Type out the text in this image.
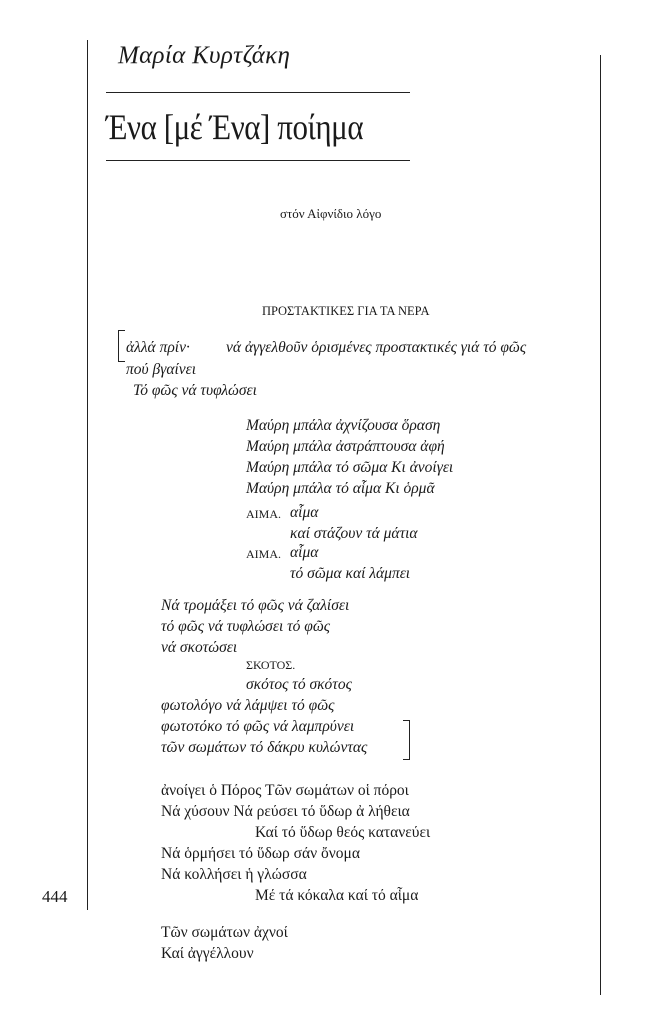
Μαρία Κυρτζάκη
Ένα [μέ Ένα] ποίημα
στόν Αἰφνίδιο λόγο
ΠΡΟΣΤΑΚΤΙΚΕΣ ΓΙΑ ΤΑ ΝΕΡΑ
ἀλλά πρίν· νά ἀγγελθοῦν ὁρισμένες προστακτικές γιά τό φῶς
πού βγαίνει
Τό φῶς νά τυφλώσει
Μαύρη μπάλα ἀχνίζουσα ὅραση
Μαύρη μπάλα ἀστράπτουσα ἀφή
Μαύρη μπάλα τό σῶμα Κι ἀνοίγει
Μαύρη μπάλα τό αἷμα Κι ὁρμᾶ
ΑΙΜΑ. αἷμα
καί στάζουν τά μάτια
ΑΙΜΑ. αἷμα
τό σῶμα καί λάμπει
Νά τρομάξει τό φῶς νά ζαλίσει
τό φῶς νά τυφλώσει τό φῶς
νά σκοτώσει
ΣΚΟΤΟΣ.
σκότος τό σκότος
φωτολόγο νά λάμψει τό φῶς
φωτοτόκο τό φῶς νά λαμπρύνει
τῶν σωμάτων τό δάκρυ κυλώντας
ἀνοίγει ὁ Πόρος Τῶν σωμάτων οἱ πόροι
Νά χύσουν Νά ρεύσει τό ὕδωρ ἀ λήθεια
Καί τό ὕδωρ θεός κατανεύει
Νά ὁρμήσει τό ὕδωρ σάν ὄνομα
Νά κολλήσει ἡ γλώσσα
Μέ τά κόκαλα καί τό αἷμα
444
Τῶν σωμάτων ἀχνοί
Καί ἀγγέλλουν
